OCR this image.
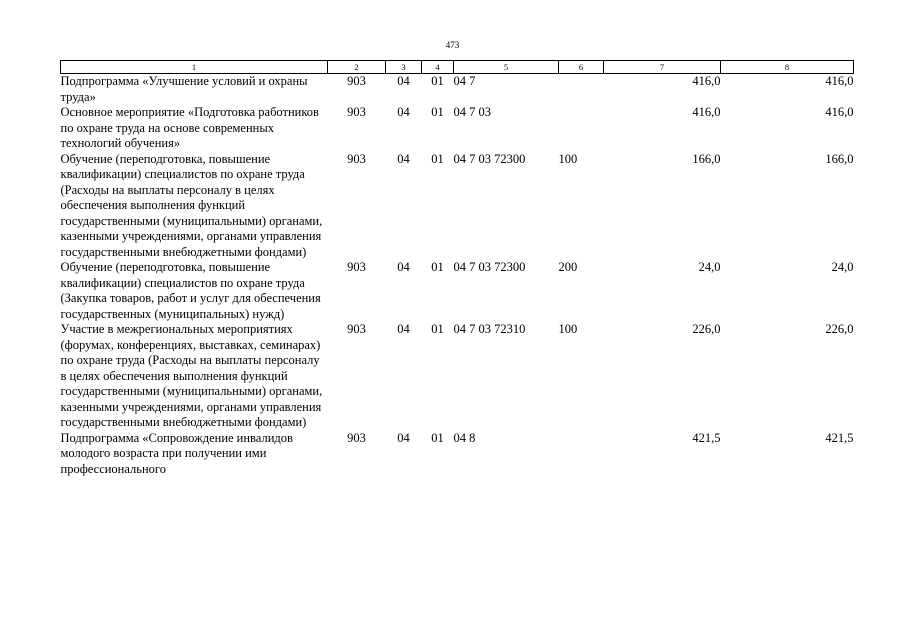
473
1	2	3	4	5	6	7	8
Подпрограмма «Улучшение условий и охраны труда»	903	04	01	04 7		416,0	416,0
Основное мероприятие «Подготовка работников по охране труда на основе современных технологий обучения»	903	04	01	04 7 03		416,0	416,0
Обучение (переподготовка, повышение квалификации) специалистов по охране труда (Расходы на выплаты персоналу в целях обеспечения выполнения функций государственными (муниципальными) органами, казенными учреждениями, органами управления государственными внебюджетными фондами)	903	04	01	04 7 03 72300	100	166,0	166,0
Обучение (переподготовка, повышение квалификации) специалистов по охране труда (Закупка товаров, работ и услуг для обеспечения государственных (муниципальных) нужд)	903	04	01	04 7 03 72300	200	24,0	24,0
Участие в межрегиональных мероприятиях (форумах, конференциях, выставках, семинарах) по охране труда (Расходы на выплаты персоналу в целях обеспечения выполнения функций государственными (муниципальными) органами, казенными учреждениями, органами управления государственными внебюджетными фондами)	903	04	01	04 7 03 72310	100	226,0	226,0
Подпрограмма «Сопровождение инвалидов молодого возраста при получении ими профессионального	903	04	01	04 8		421,5	421,5
